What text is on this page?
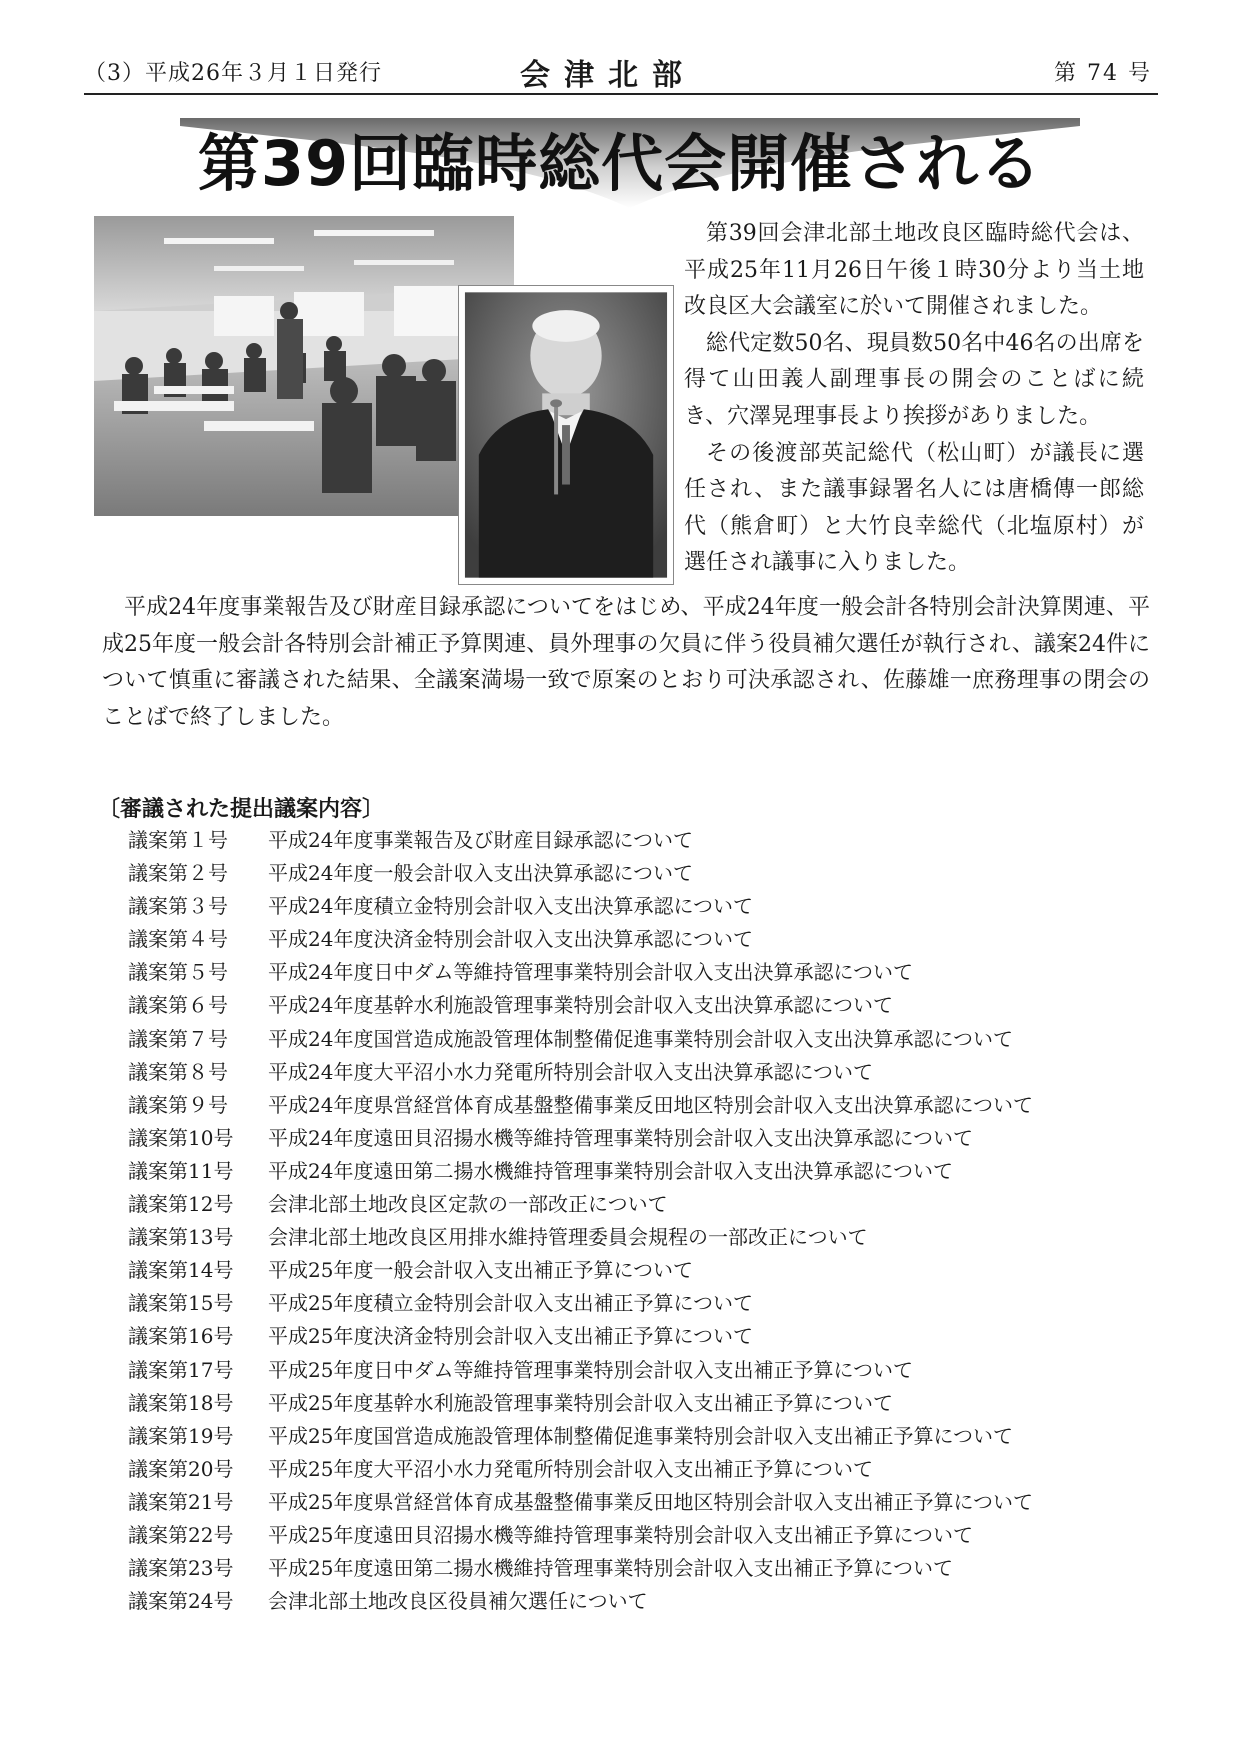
（3）平成26年３月１日発行	会津北部	第 74 号
第39回臨時総代会開催される

第39回会津北部土地改良区臨時総代会は、平成25年11月26日午後１時30分より当土地改良区大会議室に於いて開催されました。

総代定数50名、現員数50名中46名の出席を得て山田義人副理事長の開会のことばに続き、穴澤晃理事長より挨拶がありました。

その後渡部英記総代（松山町）が議長に選任され、また議事録署名人には唐橋傳一郎総代（熊倉町）と大竹良幸総代（北塩原村）が選任され議事に入りました。

平成24年度事業報告及び財産目録承認についてをはじめ、平成24年度一般会計各特別会計決算関連、平成25年度一般会計各特別会計補正予算関連、員外理事の欠員に伴う役員補欠選任が執行され、議案24件について慎重に審議された結果、全議案満場一致で原案のとおり可決承認され、佐藤雄一庶務理事の閉会のことばで終了しました。

〔審議された提出議案内容〕
議案第１号	平成24年度事業報告及び財産目録承認について
議案第２号	平成24年度一般会計収入支出決算承認について
議案第３号	平成24年度積立金特別会計収入支出決算承認について
議案第４号	平成24年度決済金特別会計収入支出決算承認について
議案第５号	平成24年度日中ダム等維持管理事業特別会計収入支出決算承認について
議案第６号	平成24年度基幹水利施設管理事業特別会計収入支出決算承認について
議案第７号	平成24年度国営造成施設管理体制整備促進事業特別会計収入支出決算承認について
議案第８号	平成24年度大平沼小水力発電所特別会計収入支出決算承認について
議案第９号	平成24年度県営経営体育成基盤整備事業反田地区特別会計収入支出決算承認について
議案第10号	平成24年度遠田貝沼揚水機等維持管理事業特別会計収入支出決算承認について
議案第11号	平成24年度遠田第二揚水機維持管理事業特別会計収入支出決算承認について
議案第12号	会津北部土地改良区定款の一部改正について
議案第13号	会津北部土地改良区用排水維持管理委員会規程の一部改正について
議案第14号	平成25年度一般会計収入支出補正予算について
議案第15号	平成25年度積立金特別会計収入支出補正予算について
議案第16号	平成25年度決済金特別会計収入支出補正予算について
議案第17号	平成25年度日中ダム等維持管理事業特別会計収入支出補正予算について
議案第18号	平成25年度基幹水利施設管理事業特別会計収入支出補正予算について
議案第19号	平成25年度国営造成施設管理体制整備促進事業特別会計収入支出補正予算について
議案第20号	平成25年度大平沼小水力発電所特別会計収入支出補正予算について
議案第21号	平成25年度県営経営体育成基盤整備事業反田地区特別会計収入支出補正予算について
議案第22号	平成25年度遠田貝沼揚水機等維持管理事業特別会計収入支出補正予算について
議案第23号	平成25年度遠田第二揚水機維持管理事業特別会計収入支出補正予算について
議案第24号	会津北部土地改良区役員補欠選任について
